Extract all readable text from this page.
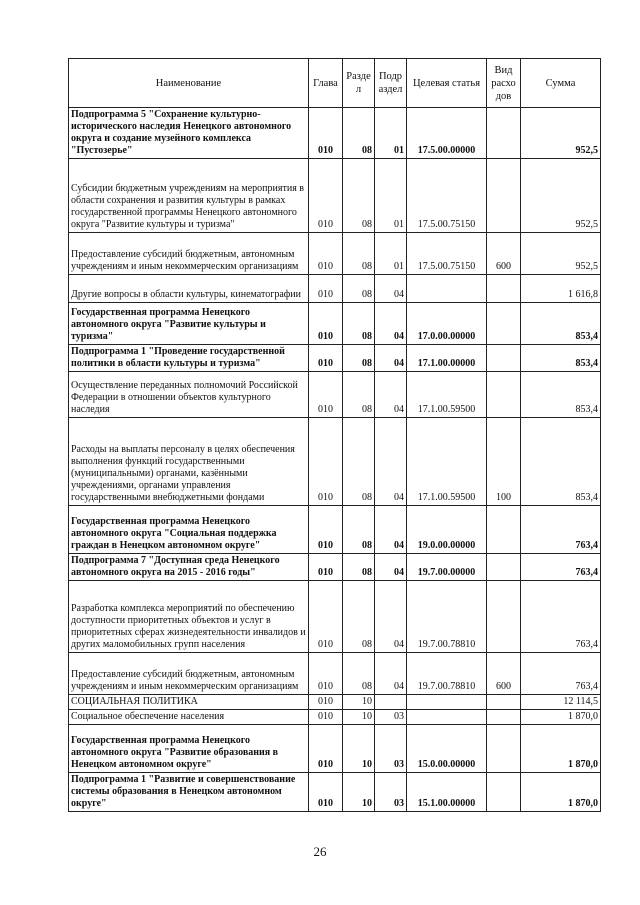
Наименование	Глава	Разде л	Подр аздел	Целевая статья	Вид расхо дов	Сумма
Подпрограмма 5 "Сохранение культурно-исторического наследия Ненецкого автономного округа и создание музейного комплекса "Пустозерье"	010	08	01	17.5.00.00000		952,5
Субсидии бюджетным учреждениям на мероприятия в области сохранения и развития культуры в рамках государственной программы Ненецкого автономного округа "Развитие культуры и туризма"	010	08	01	17.5.00.75150		952,5
Предоставление субсидий бюджетным, автономным учреждениям и иным некоммерческим организациям	010	08	01	17.5.00.75150	600	952,5
Другие вопросы в области культуры, кинематографии	010	08	04			1 616,8
Государственная программа Ненецкого автономного округа "Развитие культуры и туризма"	010	08	04	17.0.00.00000		853,4
Подпрограмма 1 "Проведение государственной политики в области культуры и туризма"	010	08	04	17.1.00.00000		853,4
Осуществление переданных полномочий Российской Федерации в отношении объектов культурного наследия	010	08	04	17.1.00.59500		853,4
Расходы на выплаты персоналу в целях обеспечения выполнения функций государственными (муниципальными) органами, казёнными учреждениями, органами управления государственными внебюджетными фондами	010	08	04	17.1.00.59500	100	853,4
Государственная программа Ненецкого автономного округа "Социальная поддержка граждан в Ненецком автономном округе"	010	08	04	19.0.00.00000		763,4
Подпрограмма 7 "Доступная среда Ненецкого автономного округа на 2015 - 2016 годы"	010	08	04	19.7.00.00000		763,4
Разработка комплекса мероприятий по обеспечению доступности приоритетных объектов и услуг в приоритетных сферах жизнедеятельности инвалидов и других маломобильных групп населения	010	08	04	19.7.00.78810		763,4
Предоставление субсидий бюджетным, автономным учреждениям и иным некоммерческим организациям	010	08	04	19.7.00.78810	600	763,4
СОЦИАЛЬНАЯ ПОЛИТИКА	010	10				12 114,5
Социальное обеспечение населения	010	10	03			1 870,0
Государственная программа Ненецкого автономного округа "Развитие образования в Ненецком автономном округе"	010	10	03	15.0.00.00000		1 870,0
Подпрограмма 1 "Развитие и совершенствование системы образования в Ненецком автономном округе"	010	10	03	15.1.00.00000		1 870,0
26
